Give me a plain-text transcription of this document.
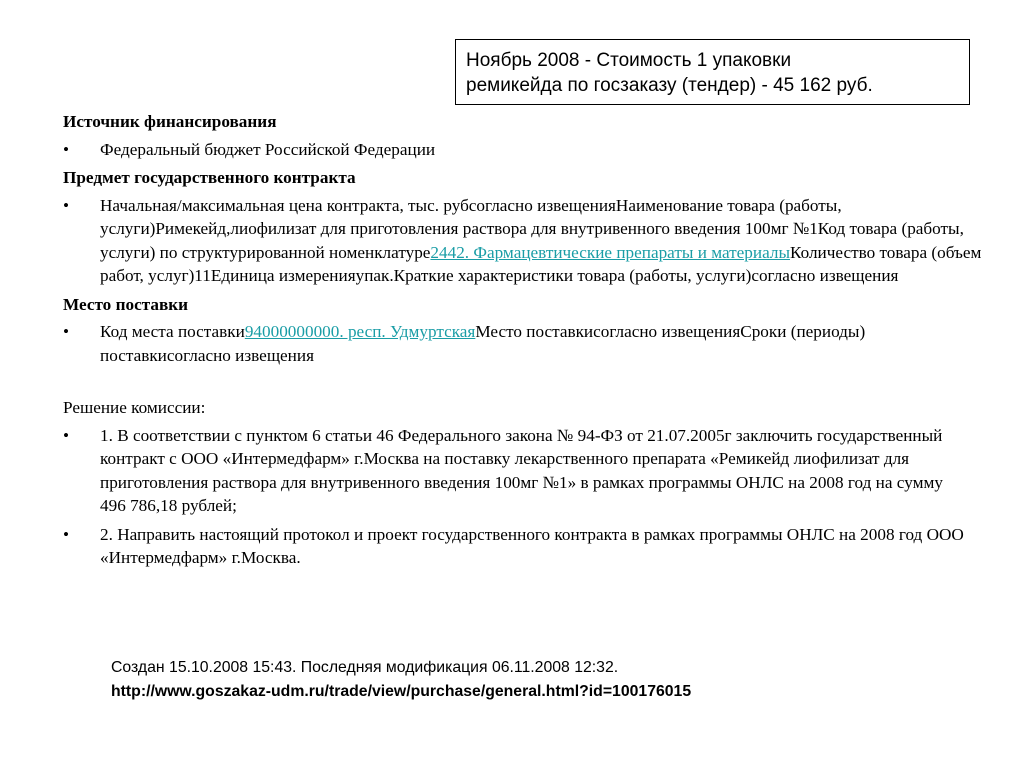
Ноябрь 2008 - Стоимость 1 упаковки
ремикейда по госзаказу (тендер) - 45 162 руб.
Источник финансирования
• Федеральный бюджет Российской Федерации
Предмет государственного контракта
• Начальная/максимальная цена контракта, тыс. рубсогласно извещенияНаименование товара (работы, услуги)Римекейд,лиофилизат для приготовления раствора для внутривенного введения 100мг №1Код товара (работы, услуги) по структурированной номенклатуре2442. Фармацевтические препараты и материалыКоличество товара (объем работ, услуг)11Единица измеренияупак.Краткие характеристики товара (работы, услуги)согласно извещения
Место поставки
• Код места поставки94000000000. респ. УдмуртскаяМесто поставкисогласно извещенияСроки (периоды) поставкисогласно извещения
Решение комиссии:
• 1. В соответствии с пунктом 6 статьи 46 Федерального закона № 94-ФЗ от 21.07.2005г заключить государственный контракт с ООО «Интермедфарм» г.Москва на поставку лекарственного препарата «Ремикейд лиофилизат для приготовления раствора для внутривенного введения 100мг №1» в рамках программы ОНЛС на 2008 год на сумму496 786,18 рублей;
• 2. Направить настоящий протокол и проект государственного контракта в рамках программы ОНЛС на 2008 год ООО «Интермедфарм» г.Москва.
Создан 15.10.2008 15:43. Последняя модификация 06.11.2008 12:32.
http://www.goszakaz-udm.ru/trade/view/purchase/general.html?id=100176015
